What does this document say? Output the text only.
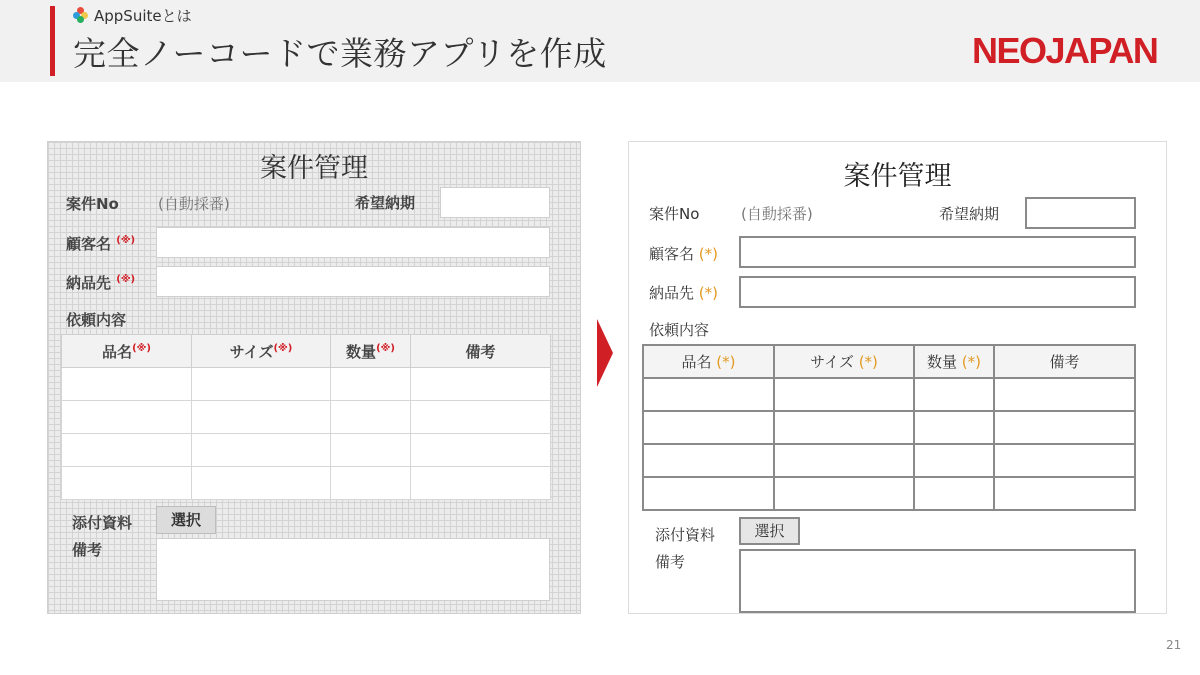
AppSuiteとは
完全ノーコードで業務アプリを作成	NEOJAPAN
案件管理
案件No	(自動採番)	希望納期
顧客名 (※)
納品先 (※)
依頼内容
品名(※)	サイズ(※)	数量(※)	備考

添付資料	選択
備考
案件管理
案件No	(自動採番)	希望納期
顧客名 (*)
納品先 (*)
依頼内容
品名 (*)	サイズ (*)	数量 (*)	備考

添付資料	選択
備考
21
